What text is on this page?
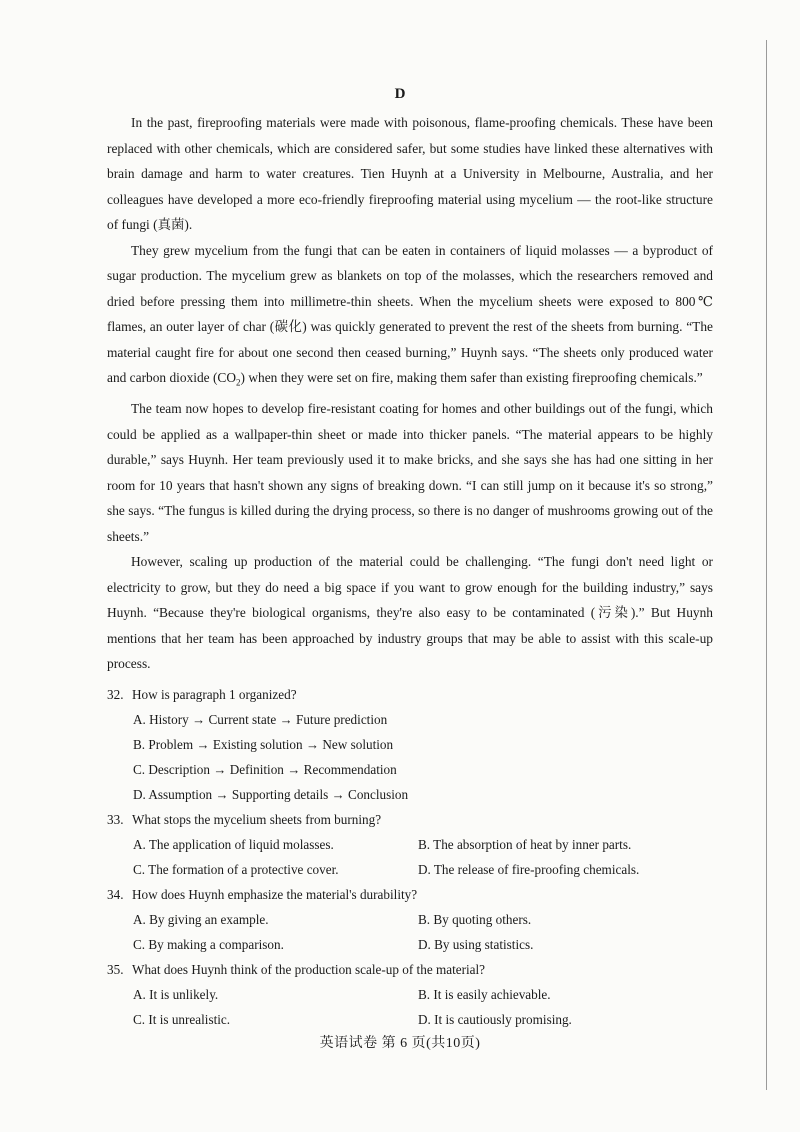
D

In the past, fireproofing materials were made with poisonous, flame-proofing chemicals. These have been replaced with other chemicals, which are considered safer, but some studies have linked these alternatives with brain damage and harm to water creatures. Tien Huynh at a University in Melbourne, Australia, and her colleagues have developed a more eco-friendly fireproofing material using mycelium — the root-like structure of fungi (真菌).

They grew mycelium from the fungi that can be eaten in containers of liquid molasses — a byproduct of sugar production. The mycelium grew as blankets on top of the molasses, which the researchers removed and dried before pressing them into millimetre-thin sheets. When the mycelium sheets were exposed to 800℃ flames, an outer layer of char (碳化) was quickly generated to prevent the rest of the sheets from burning. “The material caught fire for about one second then ceased burning,” Huynh says. “The sheets only produced water and carbon dioxide $(CO_2)$ when they were set on fire, making them safer than existing fireproofing chemicals.”

The team now hopes to develop fire-resistant coating for homes and other buildings out of the fungi, which could be applied as a wallpaper-thin sheet or made into thicker panels. “The material appears to be highly durable,” says Huynh. Her team previously used it to make bricks, and she says she has had one sitting in her room for 10 years that hasn't shown any signs of breaking down. “I can still jump on it because it's so strong,” she says. “The fungus is killed during the drying process, so there is no danger of mushrooms growing out of the sheets.”

However, scaling up production of the material could be challenging. “The fungi don't need light or electricity to grow, but they do need a big space if you want to grow enough for the building industry,” says Huynh. “Because they're biological organisms, they're also easy to be contaminated (污染).” But Huynh mentions that her team has been approached by industry groups that may be able to assist with this scale-up process.

32. How is paragraph 1 organized?
A. History → Current state → Future prediction
B. Problem → Existing solution → New solution
C. Description → Definition → Recommendation
D. Assumption → Supporting details → Conclusion
33. What stops the mycelium sheets from burning?
A. The application of liquid molasses.	B. The absorption of heat by inner parts.
C. The formation of a protective cover.	D. The release of fire-proofing chemicals.
34. How does Huynh emphasize the material's durability?
A. By giving an example.	B. By quoting others.
C. By making a comparison.	D. By using statistics.
35. What does Huynh think of the production scale-up of the material?
A. It is unlikely.	B. It is easily achievable.
C. It is unrealistic.	D. It is cautiously promising.
英语试卷 第 6 页(共10页)
